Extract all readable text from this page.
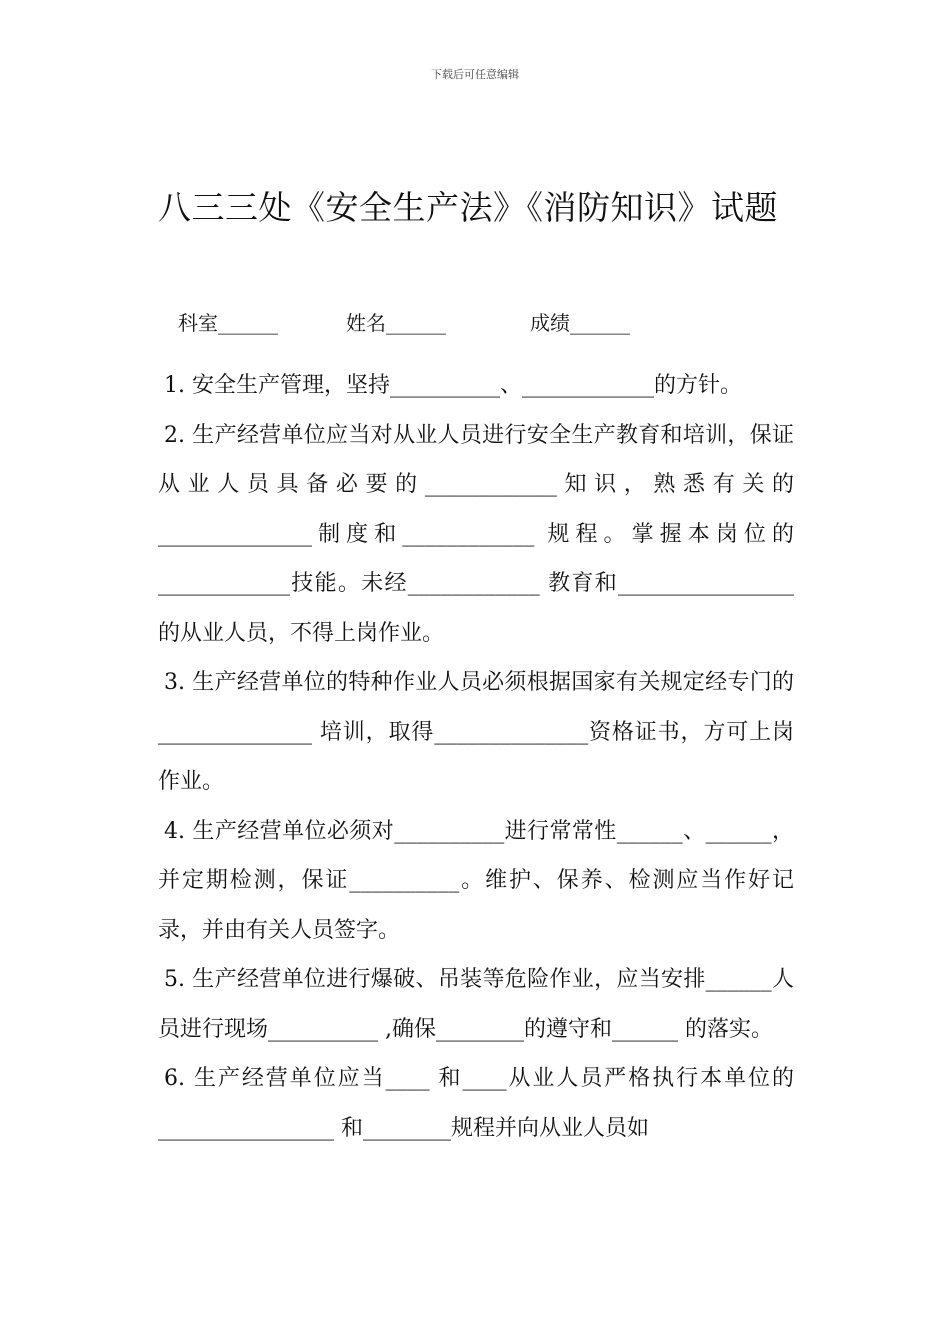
下载后可任意编辑
八三三处《安全生产法》《消防知识》试题
科室______	姓名______	成绩______

1. 安全生产管理，坚持__________、____________的方针。

2. 生产经营单位应当对从业人员进行安全生产教育和培训，保证从业人员具备必要的____________知识，熟悉有关的______________制度和____________ 规程。掌握本岗位的____________技能。未经____________ 教育和________________的从业人员，不得上岗作业。

3. 生产经营单位的特种作业人员必须根据国家有关规定经专门的______________ 培训，取得______________资格证书，方可上岗作业。

4. 生产经营单位必须对__________进行常常性______、______，并定期检测，保证__________。维护、保养、检测应当作好记录，并由有关人员签字。

5. 生产经营单位进行爆破、吊装等危险作业，应当安排______人员进行现场__________ ,确保________的遵守和______ 的落实。

6. 生产经营单位应当____ 和____从业人员严格执行本单位的________________ 和________规程并向从业人员如
